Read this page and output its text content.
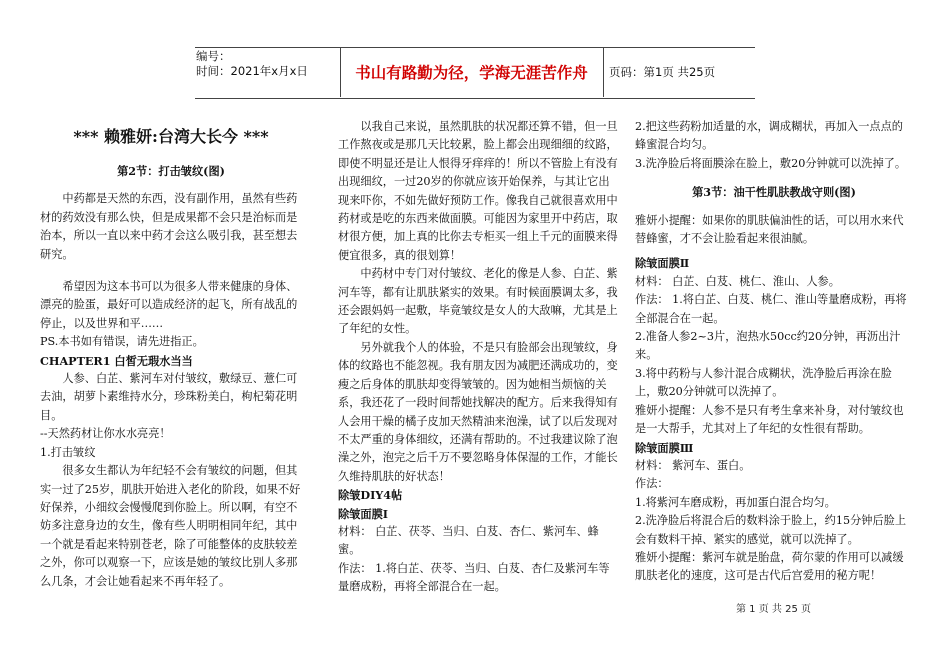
编号：
时间：2021年x月x日	书山有路勤为径，学海无涯苦作舟	页码：第1页 共25页

*** 赖雅妍:台湾大长今 ***

第2节：打击皱纹(图)

中药都是天然的东西，没有副作用，虽然有些药材的药效没有那么快，但是成果都不会只是治标而是治本，所以一直以来中药才会这么吸引我，甚至想去研究。

希望因为这本书可以为很多人带来健康的身体、漂亮的脸蛋，最好可以造成经济的起飞，所有战乱的停止，以及世界和平……

PS.本书如有错误，请先进指正。

CHAPTER1 白皙无瑕水当当

人参、白芷、紫河车对付皱纹，敷绿豆、薏仁可去油，胡萝卜素维持水分，珍珠粉美白，枸杞菊花明目。

--天然药材让你水水亮亮！

1.打击皱纹

很多女生都认为年纪轻不会有皱纹的问题，但其实一过了25岁，肌肤开始进入老化的阶段，如果不好好保养，小细纹会慢慢爬到你脸上。所以啊，有空不妨多注意身边的女生，像有些人明明相同年纪，其中一个就是看起来特别苍老，除了可能整体的皮肤较差之外，你可以观察一下，应该是她的皱纹比别人多那么几条，才会让她看起来不再年轻了。

以我自己来说，虽然肌肤的状况都还算不错，但一旦工作熬夜或是那几天比较累，脸上都会出现细细的纹路，即使不明显还是让人恨得牙痒痒的！所以不管脸上有没有出现细纹，一过20岁的你就应该开始保养，与其让它出现来吓你，不如先做好预防工作。像我自己就很喜欢用中药材或是吃的东西来做面膜。可能因为家里开中药店，取材很方便，加上真的比你去专柜买一组上千元的面膜来得便宜很多，真的很划算！

中药材中专门对付皱纹、老化的像是人参、白芷、紫河车等，都有让肌肤紧实的效果。有时候面膜调太多，我还会跟妈妈一起敷，毕竟皱纹是女人的大敌嘛，尤其是上了年纪的女性。

另外就我个人的体验，不是只有脸部会出现皱纹，身体的纹路也不能忽视。我有朋友因为减肥还满成功的，变瘦之后身体的肌肤却变得皱皱的。因为她相当烦恼的关系，我还花了一段时间帮她找解决的配方。后来我得知有人会用干燥的橘子皮加天然精油来泡澡，试了以后发现对不太严重的身体细纹，还满有帮助的。不过我建议除了泡澡之外，泡完之后千万不要忽略身体保湿的工作，才能长久维持肌肤的好状态！

除皱DIY4帖

除皱面膜Ⅰ

材料： 白芷、茯苓、当归、白芨、杏仁、紫河车、蜂蜜。

作法： 1.将白芷、茯苓、当归、白芨、杏仁及紫河车等量磨成粉，再将全部混合在一起。

2.把这些药粉加适量的水，调成糊状，再加入一点点的蜂蜜混合均匀。

3.洗净脸后将面膜涂在脸上，敷20分钟就可以洗掉了。

第3节：油干性肌肤教战守则(图)

雅妍小提醒：如果你的肌肤偏油性的话，可以用水来代替蜂蜜，才不会让脸看起来很油腻。

除皱面膜Ⅱ

材料： 白芷、白芨、桃仁、淮山、人参。

作法： 1.将白芷、白芨、桃仁、淮山等量磨成粉，再将全部混合在一起。

2.准备人参2~3片，泡热水50cc约20分钟，再沥出汁来。

3.将中药粉与人参汁混合成糊状，洗净脸后再涂在脸上，敷20分钟就可以洗掉了。

雅妍小提醒：人参不是只有考生拿来补身，对付皱纹也是一大帮手，尤其对上了年纪的女性很有帮助。

除皱面膜Ⅲ

材料： 紫河车、蛋白。

作法：

1.将紫河车磨成粉，再加蛋白混合均匀。

2.洗净脸后将混合后的数料涂于脸上，约15分钟后脸上会有数料干掉、紧实的感觉，就可以洗掉了。

雅妍小提醒：紫河车就是胎盘，荷尔蒙的作用可以减缓肌肤老化的速度，这可是古代后宫爱用的秘方呢！

第 1 页 共 25 页
